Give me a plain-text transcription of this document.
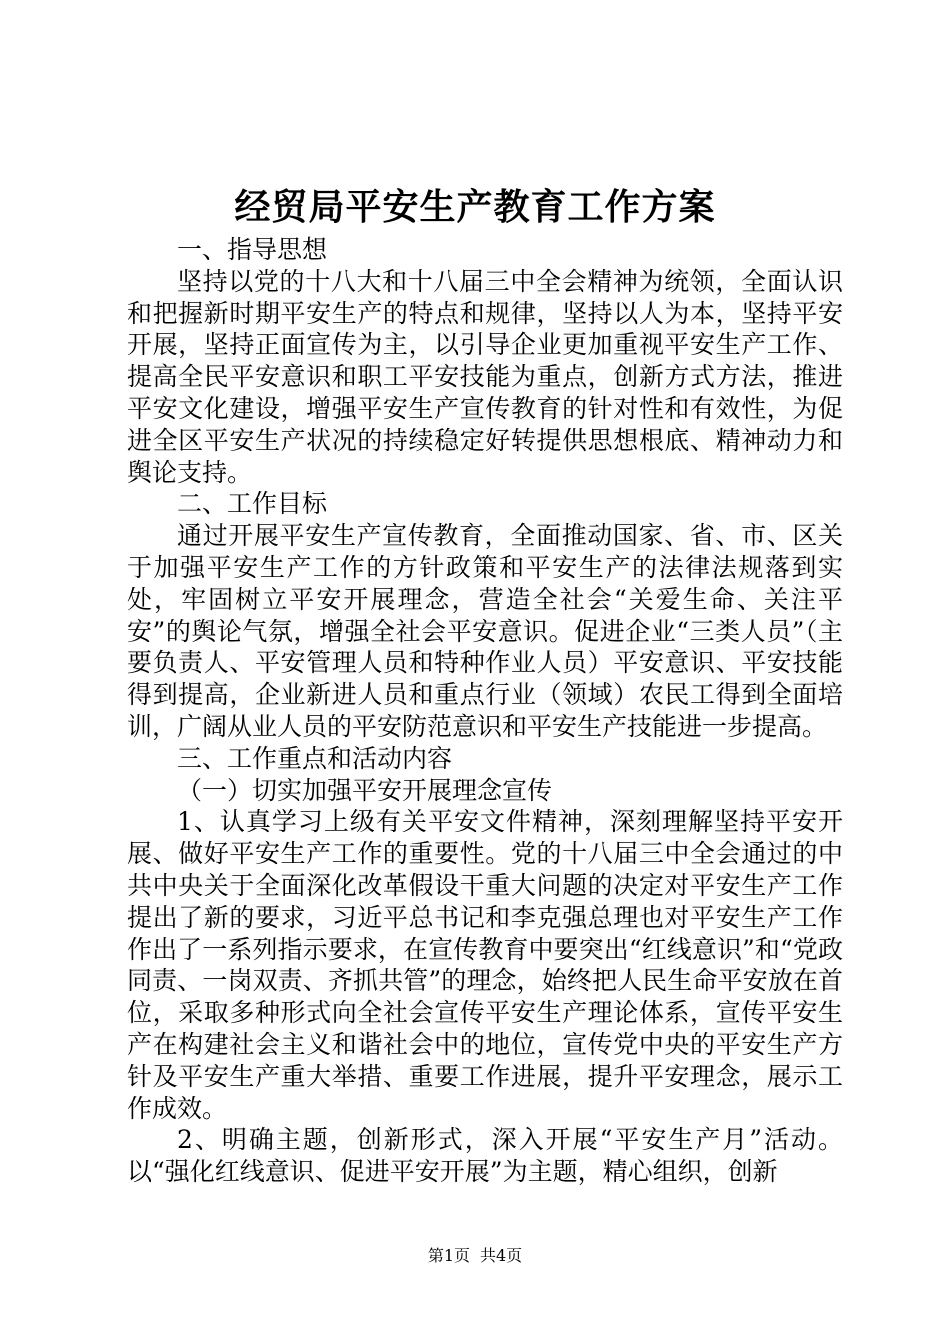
经贸局平安生产教育工作方案

一、指导思想

坚持以党的十八大和十八届三中全会精神为统领，全面认识和把握新时期平安生产的特点和规律，坚持以人为本，坚持平安开展，坚持正面宣传为主，以引导企业更加重视平安生产工作、提高全民平安意识和职工平安技能为重点，创新方式方法，推进平安文化建设，增强平安生产宣传教育的针对性和有效性，为促进全区平安生产状况的持续稳定好转提供思想根底、精神动力和舆论支持。

二、工作目标

通过开展平安生产宣传教育，全面推动国家、省、市、区关于加强平安生产工作的方针政策和平安生产的法律法规落到实处，牢固树立平安开展理念，营造全社会“关爱生命、关注平安”的舆论气氛，增强全社会平安意识。促进企业“三类人员”（主要负责人、平安管理人员和特种作业人员）平安意识、平安技能得到提高，企业新进人员和重点行业（领域）农民工得到全面培训，广阔从业人员的平安防范意识和平安生产技能进一步提高。

三、工作重点和活动内容

（一）切实加强平安开展理念宣传

1、认真学习上级有关平安文件精神，深刻理解坚持平安开展、做好平安生产工作的重要性。党的十八届三中全会通过的中共中央关于全面深化改革假设干重大问题的决定对平安生产工作提出了新的要求，习近平总书记和李克强总理也对平安生产工作作出了一系列指示要求，在宣传教育中要突出“红线意识”和“党政同责、一岗双责、齐抓共管”的理念，始终把人民生命平安放在首位，采取多种形式向全社会宣传平安生产理论体系，宣传平安生产在构建社会主义和谐社会中的地位，宣传党中央的平安生产方针及平安生产重大举措、重要工作进展，提升平安理念，展示工作成效。

2、明确主题，创新形式，深入开展“平安生产月”活动。以“强化红线意识、促进平安开展”为主题，精心组织，创新

第1页 共4页
